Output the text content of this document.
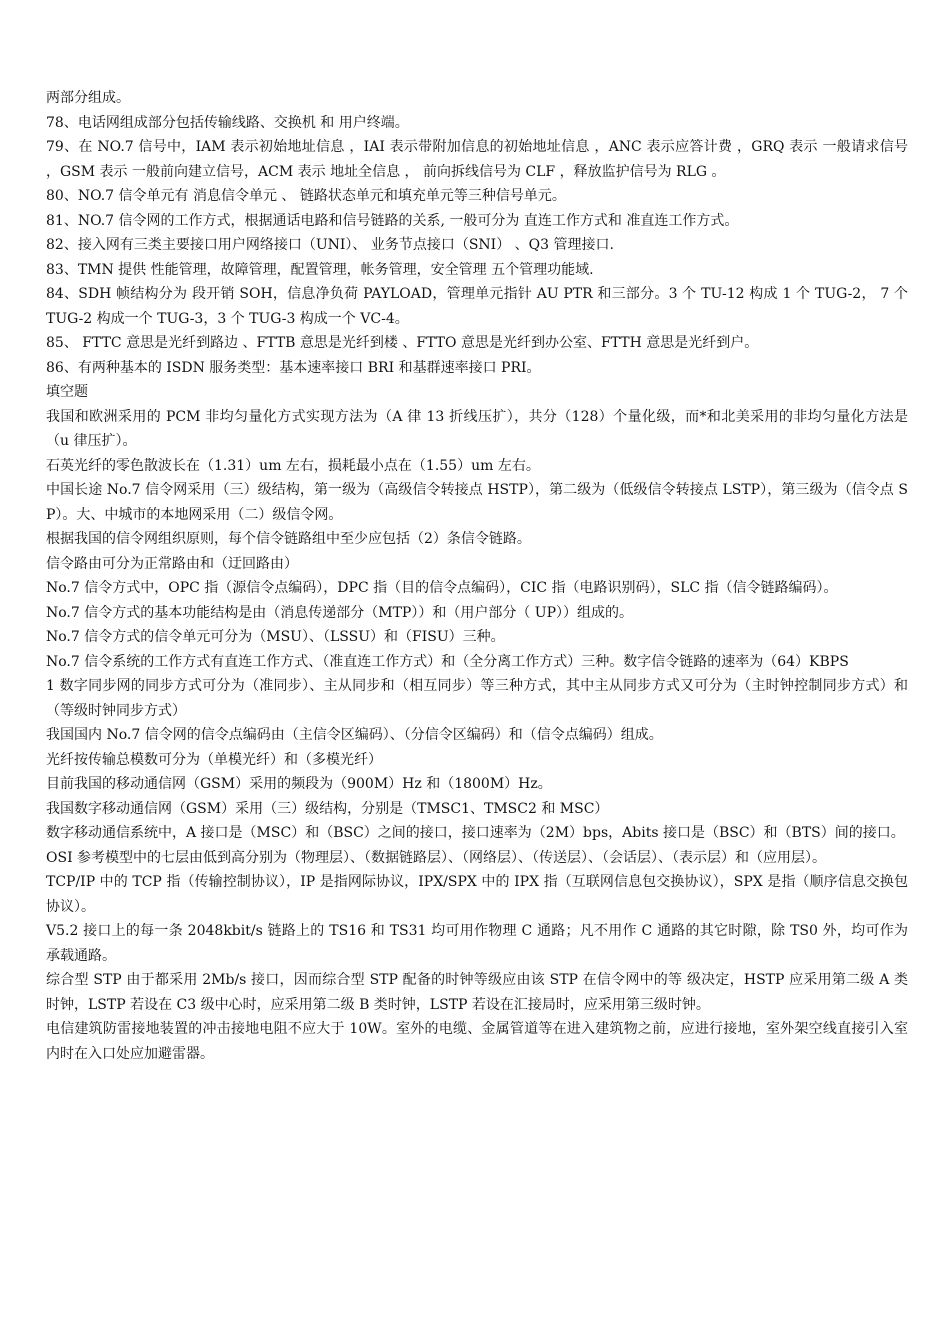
两部分组成。

78、电话网组成部分包括传输线路、交换机 和 用户终端。

79、在 NO.7 信号中，IAM 表示初始地址信息 ，IAI 表示带附加信息的初始地址信息 ，ANC 表示应答计费 ，GRQ 表示 一般请求信号 ，GSM 表示 一般前向建立信号，ACM 表示 地址全信息 ， 前向拆线信号为 CLF ，释放监护信号为 RLG 。

80、NO.7 信令单元有 消息信令单元 、 链路状态单元和填充单元等三种信号单元。

81、NO.7 信令网的工作方式，根据通话电路和信号链路的关系, 一般可分为 直连工作方式和 准直连工作方式。

82、接入网有三类主要接口用户网络接口（UNI）、 业务节点接口（SNI） 、Q3 管理接口.

83、TMN 提供 性能管理，故障管理，配置管理，帐务管理，安全管理 五个管理功能域.

84、SDH 帧结构分为 段开销 SOH，信息净负荷 PAYLOAD，管理单元指针 AU PTR 和三部分。3 个 TU-12 构成 1 个 TUG-2， 7 个 TUG-2 构成一个 TUG-3，3 个 TUG-3 构成一个 VC-4。

85、 FTTC 意思是光纤到路边 、FTTB 意思是光纤到楼 、FTTO 意思是光纤到办公室、FTTH 意思是光纤到户。

86、有两种基本的 ISDN 服务类型：基本速率接口 BRI 和基群速率接口 PRI。

填空题

我国和欧洲采用的 PCM 非均匀量化方式实现方法为（A 律 13 折线压扩），共分（128）个量化级，而*和北美采用的非均匀量化方法是（u 律压扩）。

石英光纤的零色散波长在（1.31）um 左右，损耗最小点在（1.55）um 左右。

中国长途 No.7 信令网采用（三）级结构，第一级为（高级信令转接点 HSTP），第二级为（低级信令转接点 LSTP），第三级为（信令点 SP）。大、中城市的本地网采用（二）级信令网。

根据我国的信令网组织原则，每个信令链路组中至少应包括（2）条信令链路。

信令路由可分为正常路由和（迂回路由）

No.7 信令方式中，OPC 指（源信令点编码），DPC 指（目的信令点编码），CIC 指（电路识别码），SLC 指（信令链路编码）。

No.7 信令方式的基本功能结构是由（消息传递部分（MTP））和（用户部分（ UP））组成的。

No.7 信令方式的信令单元可分为（MSU）、（LSSU）和（FISU）三种。

No.7 信令系统的工作方式有直连工作方式、（准直连工作方式）和（全分离工作方式）三种。数字信令链路的速率为（64）KBPS

1 数字同步网的同步方式可分为（准同步）、主从同步和（相互同步）等三种方式，其中主从同步方式又可分为（主时钟控制同步方式）和（等级时钟同步方式）

我国国内 No.7 信令网的信令点编码由（主信令区编码）、（分信令区编码）和（信令点编码）组成。

光纤按传输总模数可分为（单模光纤）和（多模光纤）

目前我国的移动通信网（GSM）采用的频段为（900M）Hz 和（1800M）Hz。

我国数字移动通信网（GSM）采用（三）级结构，分别是（TMSC1、TMSC2 和 MSC）

数字移动通信系统中，A 接口是（MSC）和（BSC）之间的接口，接口速率为（2M）bps，Abits 接口是（BSC）和（BTS）间的接口。

OSI 参考模型中的七层由低到高分别为（物理层）、（数据链路层）、（网络层）、（传送层）、（会话层）、（表示层）和（应用层）。

TCP/IP 中的 TCP 指（传输控制协议），IP 是指网际协议，IPX/SPX 中的 IPX 指（互联网信息包交换协议），SPX 是指（顺序信息交换包协议）。

V5.2 接口上的每一条 2048kbit/s 链路上的 TS16 和 TS31 均可用作物理 C 通路；凡不用作 C 通路的其它时隙，除 TS0 外，均可作为承载通路。

综合型 STP 由于都采用 2Mb/s 接口，因而综合型 STP 配备的时钟等级应由该 STP 在信令网中的等 级决定，HSTP 应采用第二级 A 类时钟，LSTP 若设在 C3 级中心时，应采用第二级 B 类时钟，LSTP 若设在汇接局时，应采用第三级时钟。

电信建筑防雷接地装置的冲击接地电阻不应大于 10W。室外的电缆、金属管道等在进入建筑物之前，应进行接地，室外架空线直接引入室内时在入口处应加避雷器。
